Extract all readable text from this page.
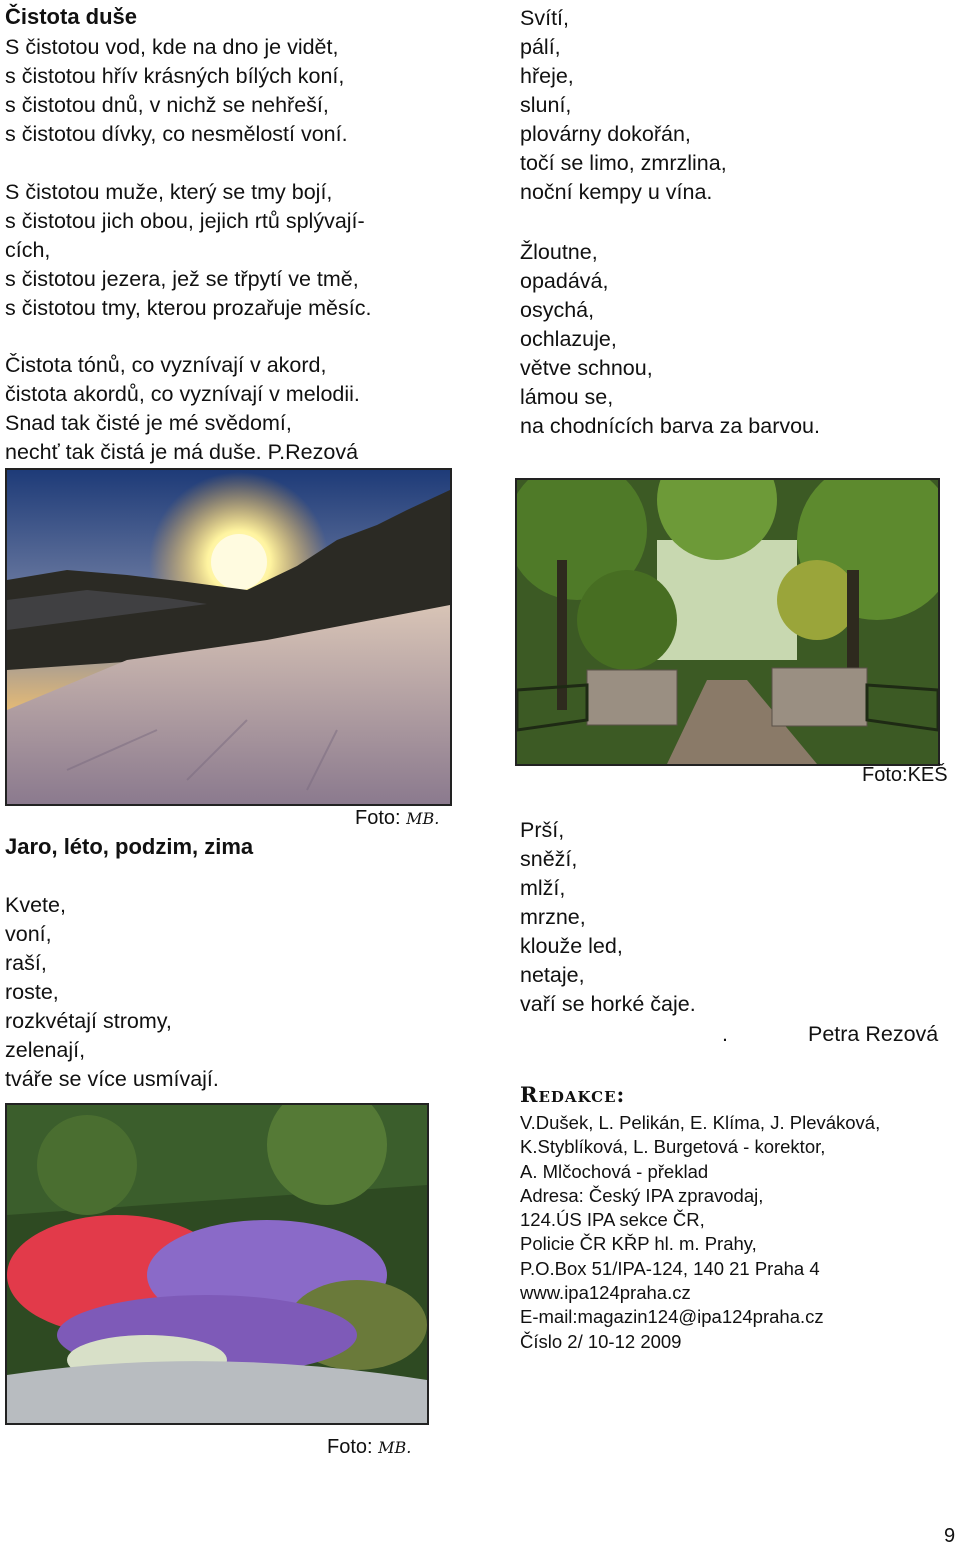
Čistota duše

S čistotou vod, kde na dno je vidět,
s čistotou hřív krásných bílých koní,
s čistotou dnů, v nichž se nehřeší,
s čistotou dívky, co nesmělostí voní.

S čistotou muže, který se tmy bojí,
s čistotou jich obou, jejich rtů splývají-
cích,
s čistotou jezera, jež se třpytí ve tmě,
s čistotou tmy, kterou prozařuje měsíc.

Čistota tónů, co vyznívají v akord,
čistota akordů, co vyznívají v melodii.
Snad tak čisté je mé svědomí,
nechť tak čistá je má duše. P.Rezová

Svítí,
pálí,
hřeje,
sluní,
plovárny dokořán,
točí se limo, zmrzlina,
noční kempy u vína.

Žloutne,
opadává,
osychá,
ochlazuje,
větve schnou,
lámou se,
na chodnících barva za barvou.

Foto:KEŠ
Foto: MB.
Jaro, léto, podzim, zima

Kvete,
voní,
raší,
roste,
rozkvétají stromy,
zelenají,
tváře se více usmívají.

Prší,
sněží,
mlží,
mrzne,
klouže led,
netaje,
vaří se horké čaje.

.	Petra Rezová
Redakce:

V.Dušek, L. Pelikán, E. Klíma, J. Pleváková,
K.Styblíková, L. Burgetová - korektor,
A. Mlčochová - překlad
Adresa: Český IPA zpravodaj,
124.ÚS IPA sekce ČR,
Policie ČR KŘP hl. m. Prahy,
P.O.Box 51/IPA-124, 140 21 Praha 4
www.ipa124praha.cz
E-mail:magazin124@ipa124praha.cz
Číslo 2/ 10-12 2009

Foto: MB.
9
